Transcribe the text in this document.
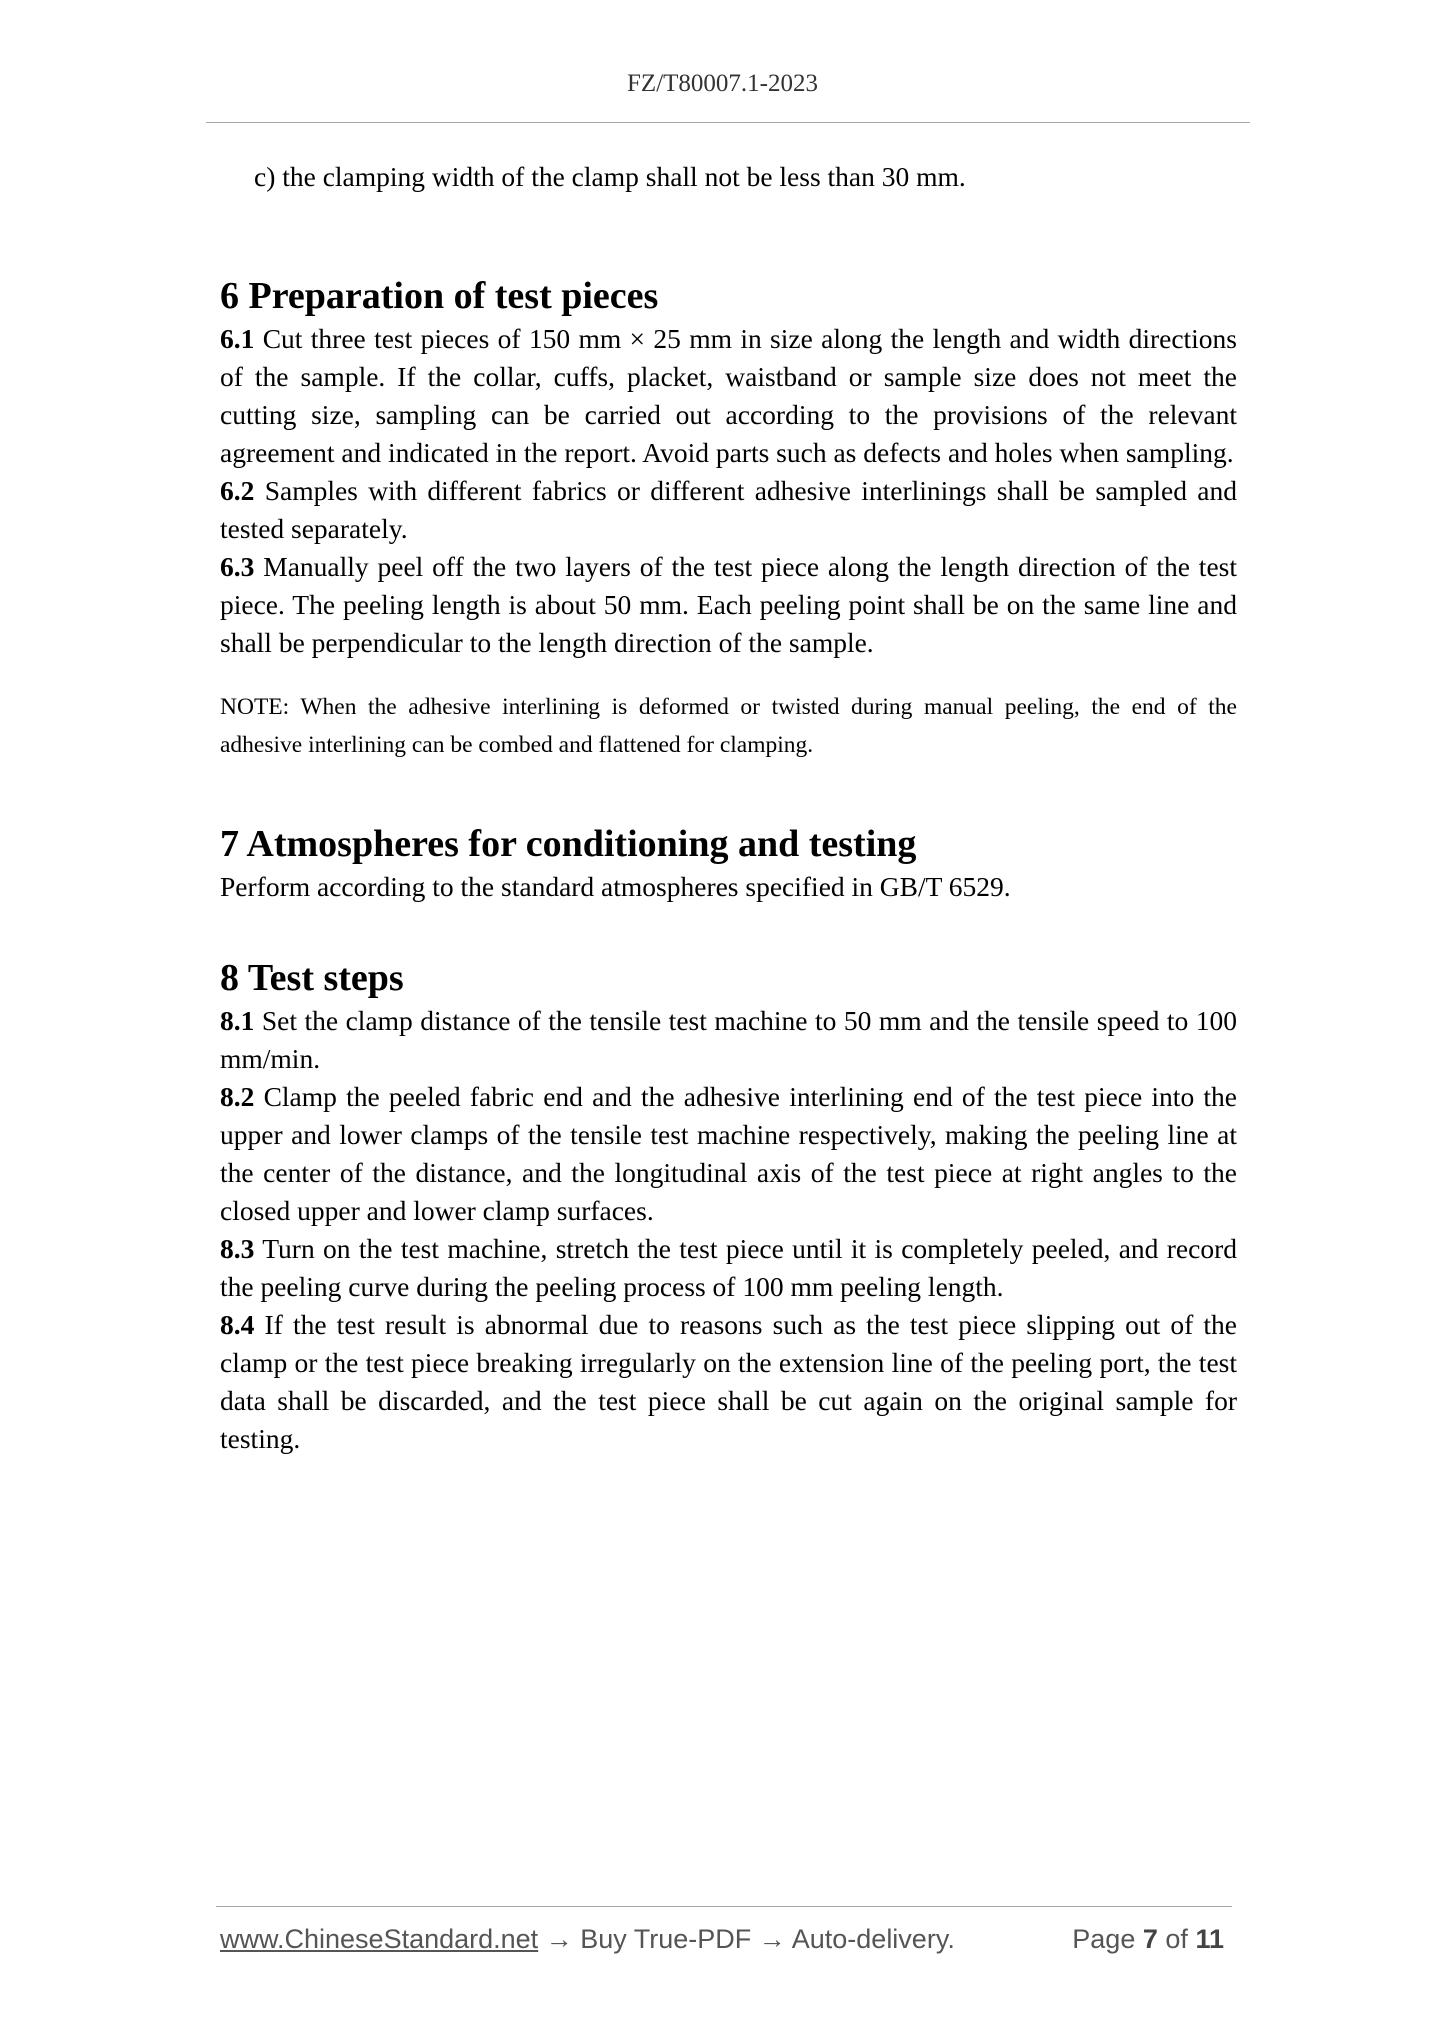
FZ/T80007.1-2023

c) the clamping width of the clamp shall not be less than 30 mm.

6 Preparation of test pieces

6.1 Cut three test pieces of 150 mm × 25 mm in size along the length and width directions of the sample. If the collar, cuffs, placket, waistband or sample size does not meet the cutting size, sampling can be carried out according to the provisions of the relevant agreement and indicated in the report. Avoid parts such as defects and holes when sampling.

6.2 Samples with different fabrics or different adhesive interlinings shall be sampled and tested separately.

6.3 Manually peel off the two layers of the test piece along the length direction of the test piece. The peeling length is about 50 mm. Each peeling point shall be on the same line and shall be perpendicular to the length direction of the sample.

NOTE: When the adhesive interlining is deformed or twisted during manual peeling, the end of the adhesive interlining can be combed and flattened for clamping.

7 Atmospheres for conditioning and testing

Perform according to the standard atmospheres specified in GB/T 6529.

8 Test steps

8.1 Set the clamp distance of the tensile test machine to 50 mm and the tensile speed to 100 mm/min.

8.2 Clamp the peeled fabric end and the adhesive interlining end of the test piece into the upper and lower clamps of the tensile test machine respectively, making the peeling line at the center of the distance, and the longitudinal axis of the test piece at right angles to the closed upper and lower clamp surfaces.

8.3 Turn on the test machine, stretch the test piece until it is completely peeled, and record the peeling curve during the peeling process of 100 mm peeling length.

8.4 If the test result is abnormal due to reasons such as the test piece slipping out of the clamp or the test piece breaking irregularly on the extension line of the peeling port, the test data shall be discarded, and the test piece shall be cut again on the original sample for testing.

www.ChineseStandard.net → Buy True-PDF → Auto-delivery.	Page 7 of 11
